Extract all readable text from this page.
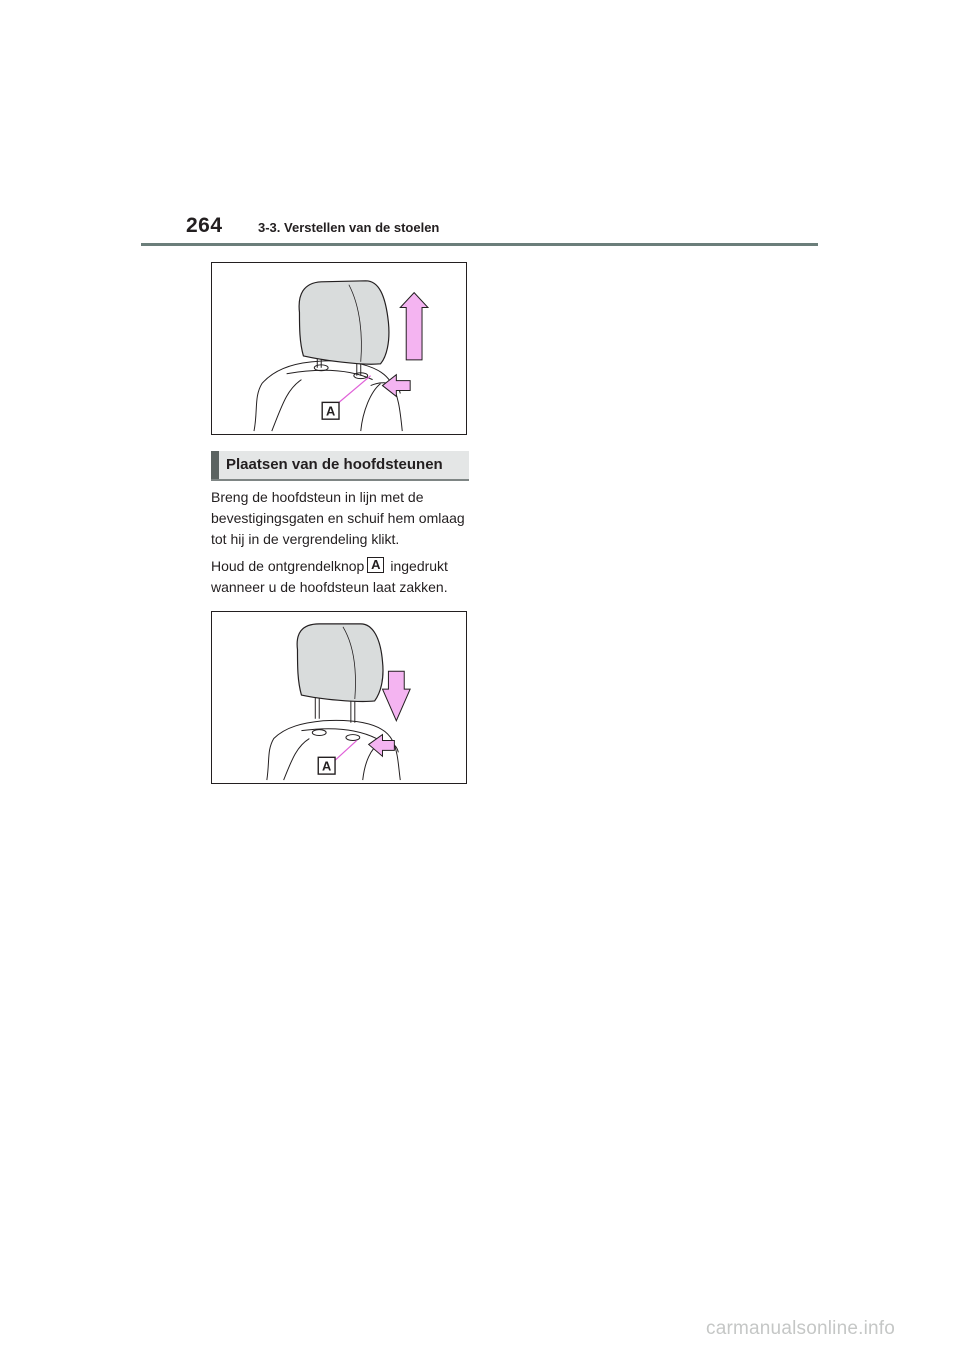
264	3-3. Verstellen van de stoelen
A
Plaatsen van de hoofdsteunen

Breng de hoofdsteun in lijn met de bevestigingsgaten en schuif hem omlaag tot hij in de vergrendeling klikt.

Houd de ontgrendelknop A ingedrukt wanneer u de hoofdsteun laat zakken.

A
carmanualsonline.info
